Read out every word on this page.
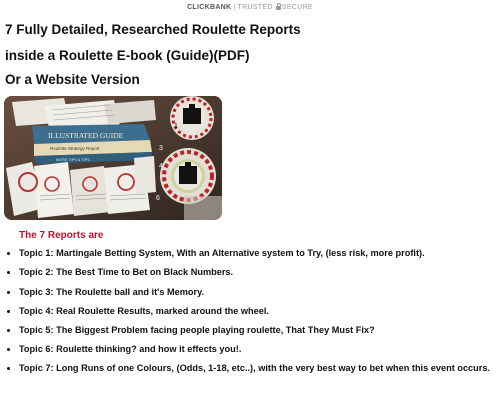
CLICKBANK | TRUSTED SECURE
7 Fully Detailed, Researched Roulette Reports
inside a Roulette E-book (Guide)(PDF)
Or a Website Version
ILLUSTRATED GUIDE
Roulette Strategy Report
MORE TIPS & TIPS
1
3
4
6

The 7 Reports are

Topic 1: Martingale Betting System, With an Alternative system to Try, (less risk, more profit).
Topic 2: The Best Time to Bet on Black Numbers.
Topic 3: The Roulette ball and it's Memory.
Topic 4: Real Roulette Results, marked around the wheel.
Topic 5: The Biggest Problem facing people playing roulette, That They Must Fix?
Topic 6: Roulette thinking? and how it effects you!.
Topic 7: Long Runs of one Colours, (Odds, 1-18, etc..), with the very best way to bet when this event occurs.
